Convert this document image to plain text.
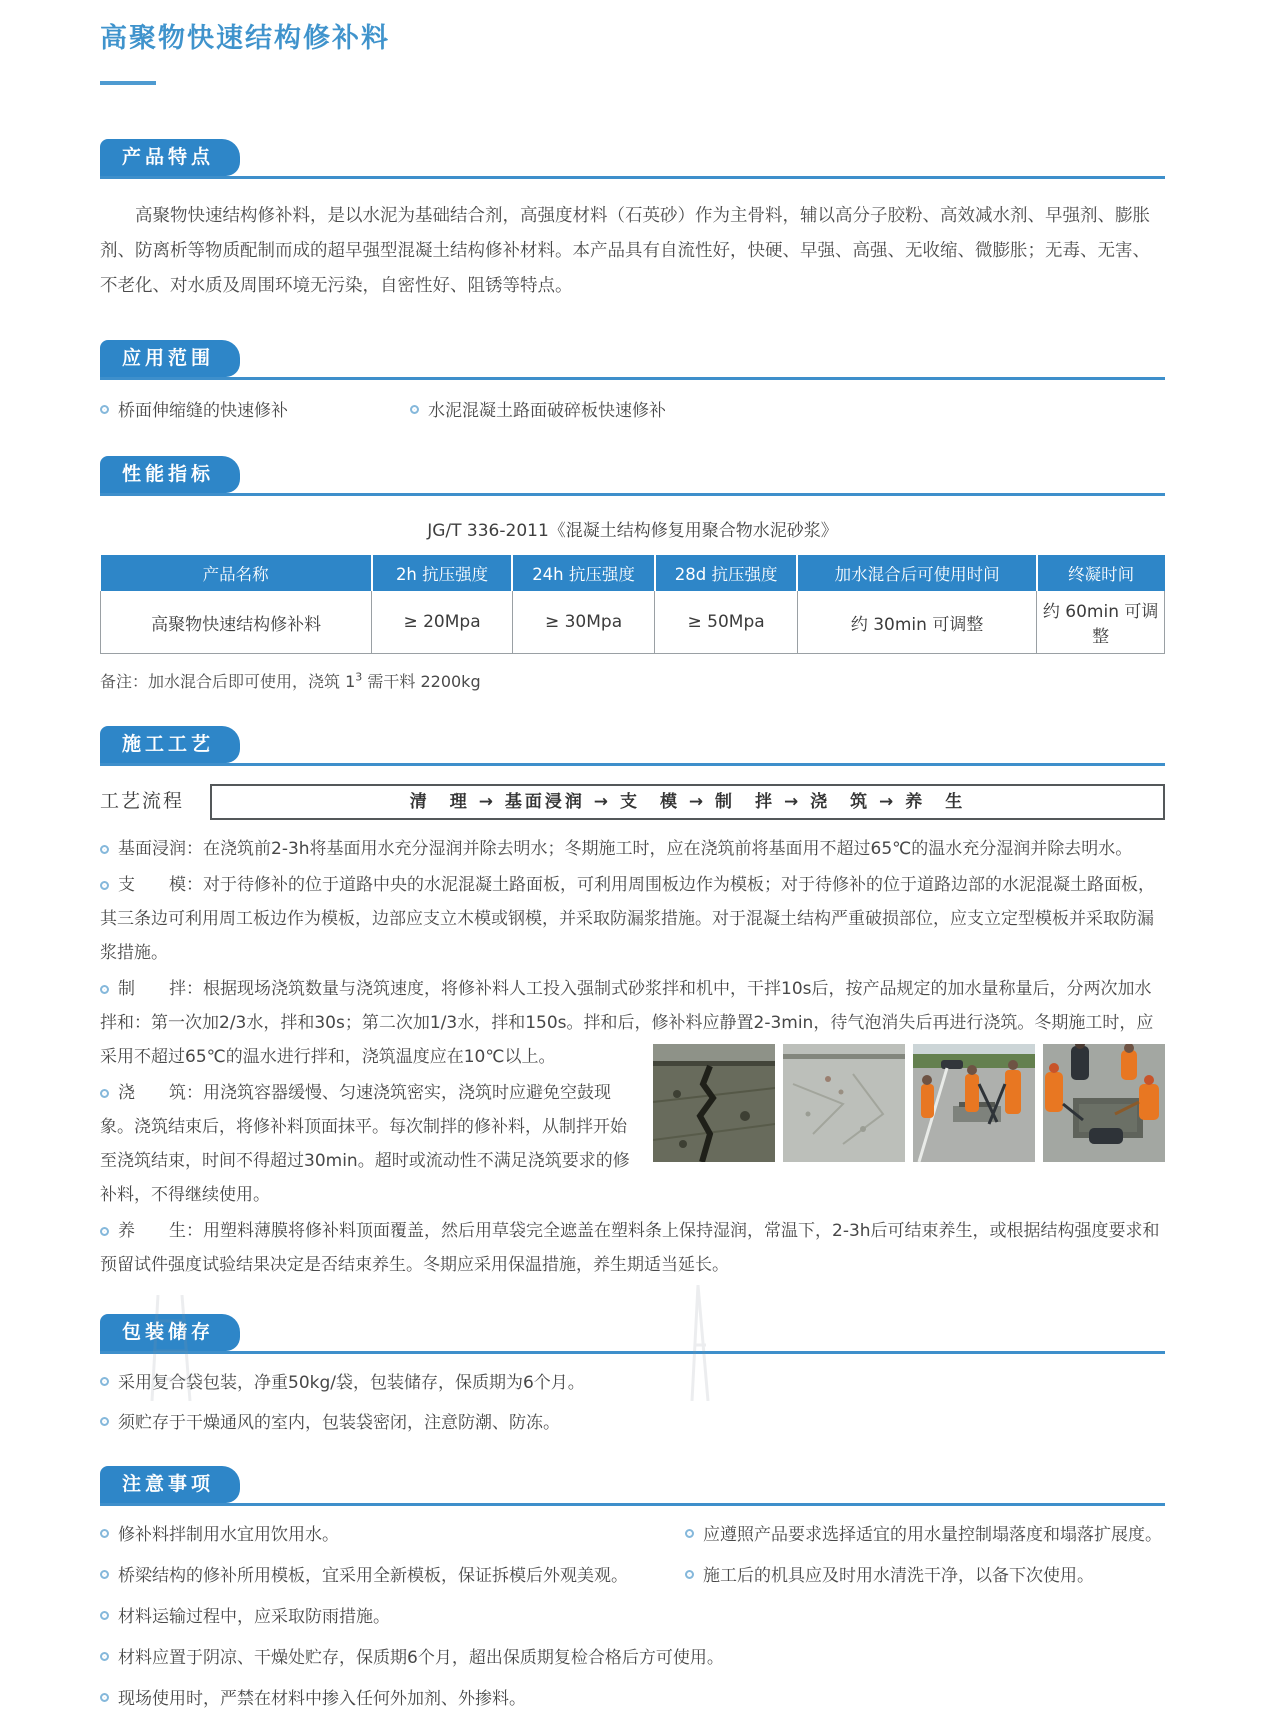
高聚物快速结构修补料
产品特点

高聚物快速结构修补料，是以水泥为基础结合剂，高强度材料（石英砂）作为主骨料，辅以高分子胶粉、高效减水剂、早强剂、膨胀剂、防离析等物质配制而成的超早强型混凝土结构修补材料。本产品具有自流性好，快硬、早强、高强、无收缩、微膨胀；无毒、无害、不老化、对水质及周围环境无污染，自密性好、阻锈等特点。

应用范围
桥面伸缩缝的快速修补	水泥混凝土路面破碎板快速修补
性能指标
JG/T 336-2011《混凝土结构修复用聚合物水泥砂浆》
产品名称	2h 抗压强度	24h 抗压强度	28d 抗压强度	加水混合后可使用时间	终凝时间
高聚物快速结构修补料	≥ 20Mpa	≥ 30Mpa	≥ 50Mpa	约 30min 可调整	约 60min 可调整
备注：加水混合后即可使用，浇筑 $1^3$ 需干料 2200kg
施工工艺
工艺流程	清　理 → 基面浸润 → 支　模 → 制　拌 → 浇　筑 → 养　生
基面浸润：在浇筑前2-3h将基面用水充分湿润并除去明水；冬期施工时，应在浇筑前将基面用不超过65℃的温水充分湿润并除去明水。
支　　模：对于待修补的位于道路中央的水泥混凝土路面板，可利用周围板边作为模板；对于待修补的位于道路边部的水泥混凝土路面板，其三条边可利用周工板边作为模板，边部应支立木模或钢模，并采取防漏浆措施。对于混凝土结构严重破损部位，应支立定型模板并采取防漏浆措施。
制　　拌：根据现场浇筑数量与浇筑速度，将修补料人工投入强制式砂浆拌和机中，干拌10s后，按产品规定的加水量称量后，分两次加水拌和：第一次加2/3水，拌和30s；第二次加1/3水，拌和150s。拌和后，修补料应静置2-3min，待气泡消失后再进行浇筑。冬期施工时，应采用不超过65℃的温水进行拌和，浇筑温度应在10℃以上。
浇　　筑：用浇筑容器缓慢、匀速浇筑密实，浇筑时应避免空鼓现象。浇筑结束后，将修补料顶面抹平。每次制拌的修补料，从制拌开始至浇筑结束，时间不得超过30min。超时或流动性不满足浇筑要求的修补料，不得继续使用。
养　　生：用塑料薄膜将修补料顶面覆盖，然后用草袋完全遮盖在塑料条上保持湿润，常温下，2-3h后可结束养生，或根据结构强度要求和预留试件强度试验结果决定是否结束养生。冬期应采用保温措施，养生期适当延长。
包装储存
采用复合袋包装，净重50kg/袋，包装储存，保质期为6个月。
须贮存于干燥通风的室内，包装袋密闭，注意防潮、防冻。
注意事项
修补料拌制用水宜用饮用水。
桥梁结构的修补所用模板，宜采用全新模板，保证拆模后外观美观。
材料运输过程中，应采取防雨措施。
材料应置于阴凉、干燥处贮存，保质期6个月，超出保质期复检合格后方可使用。
现场使用时，严禁在材料中掺入任何外加剂、外掺料。
应遵照产品要求选择适宜的用水量控制塌落度和塌落扩展度。
施工后的机具应及时用水清洗干净，以备下次使用。
